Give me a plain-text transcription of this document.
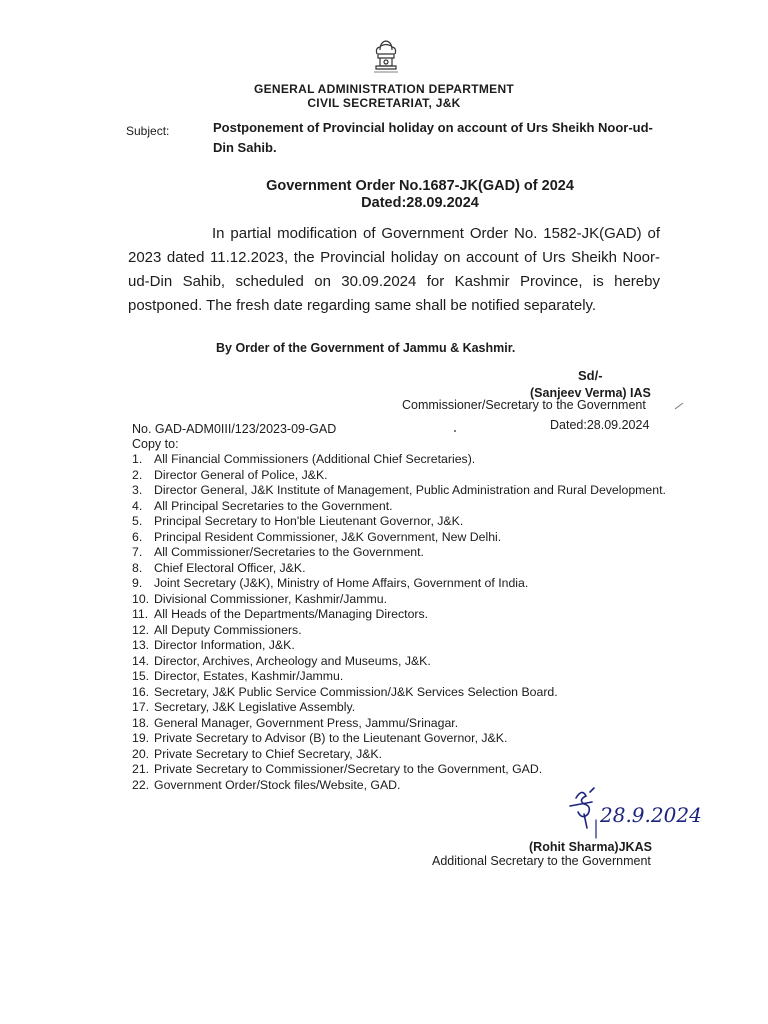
GENERAL ADMINISTRATION DEPARTMENT
CIVIL SECRETARIAT, J&K
Subject:	Postponement of Provincial holiday on account of Urs Sheikh Noor-ud-Din Sahib.
Government Order No.1687-JK(GAD) of 2024
Dated:28.09.2024
In partial modification of Government Order No. 1582-JK(GAD) of 2023 dated 11.12.2023, the Provincial holiday on account of Urs Sheikh Noor-ud-Din Sahib, scheduled on 30.09.2024 for Kashmir Province, is hereby postponed. The fresh date regarding same shall be notified separately.
By Order of the Government of Jammu & Kashmir.
Sd/-
(Sanjeev Verma) IAS
Commissioner/Secretary to the Government
Dated:28.09.2024
No. GAD-ADM0III/123/2023-09-GAD
Copy to:
1. All Financial Commissioners (Additional Chief Secretaries).
2. Director General of Police, J&K.
3. Director General, J&K Institute of Management, Public Administration and Rural Development.
4. All Principal Secretaries to the Government.
5. Principal Secretary to Hon'ble Lieutenant Governor, J&K.
6. Principal Resident Commissioner, J&K Government, New Delhi.
7. All Commissioner/Secretaries to the Government.
8. Chief Electoral Officer, J&K.
9. Joint Secretary (J&K), Ministry of Home Affairs, Government of India.
10. Divisional Commissioner, Kashmir/Jammu.
11. All Heads of the Departments/Managing Directors.
12. All Deputy Commissioners.
13. Director Information, J&K.
14. Director, Archives, Archeology and Museums, J&K.
15. Director, Estates, Kashmir/Jammu.
16. Secretary, J&K Public Service Commission/J&K Services Selection Board.
17. Secretary, J&K Legislative Assembly.
18. General Manager, Government Press, Jammu/Srinagar.
19. Private Secretary to Advisor (B) to the Lieutenant Governor, J&K.
20. Private Secretary to Chief Secretary, J&K.
21. Private Secretary to Commissioner/Secretary to the Government, GAD.
22. Government Order/Stock files/Website, GAD.
28.9.2024
(Rohit Sharma)JKAS
Additional Secretary to the Government
